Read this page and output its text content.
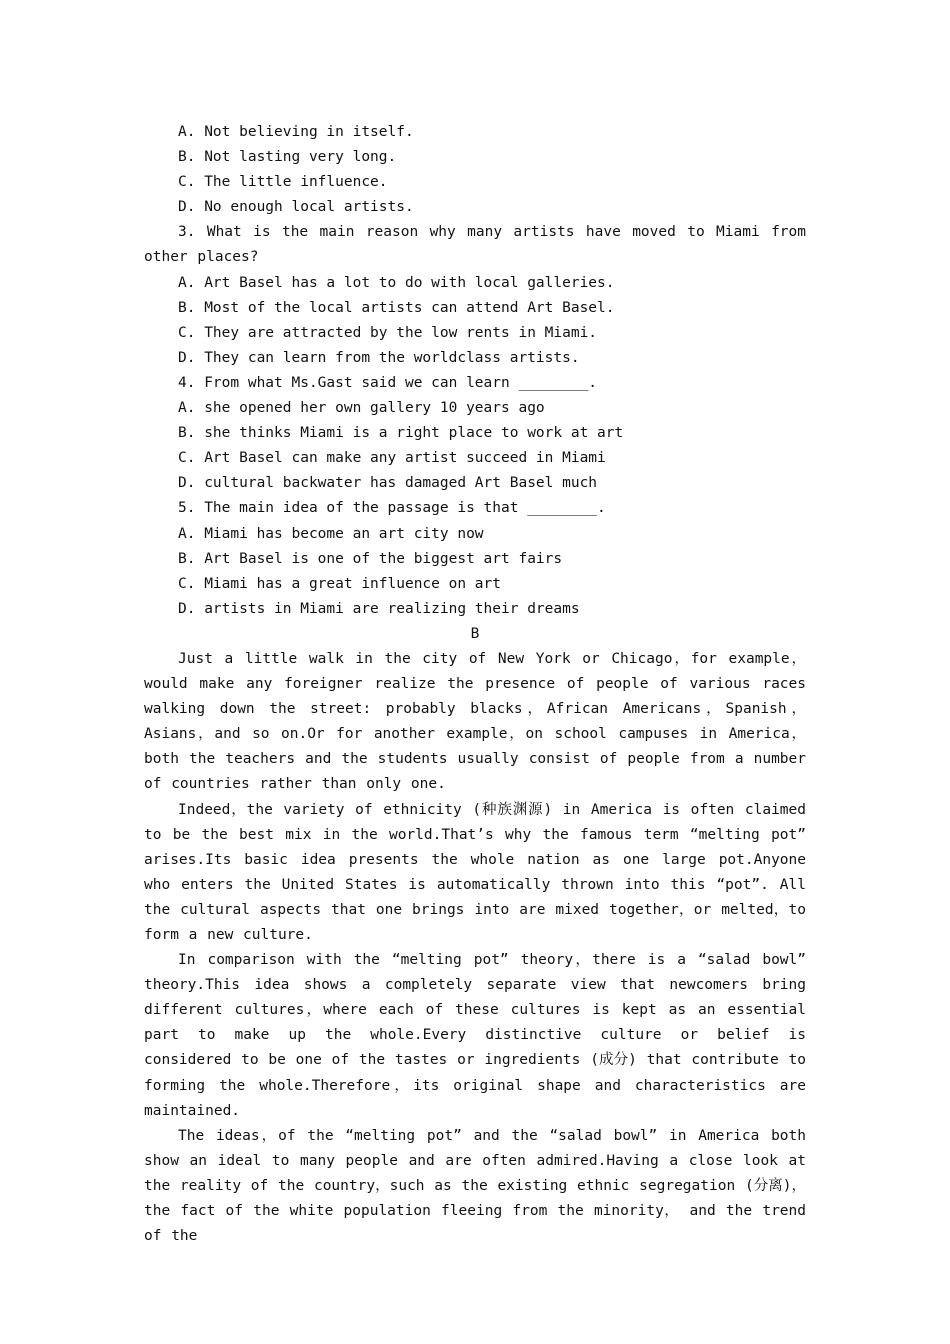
A. Not believing in itself.

B. Not lasting very long.

C. The little influence.

D. No enough local artists.

3. What is the main reason why many artists have moved to Miami from other places?

A. Art Basel has a lot to do with local galleries.

B. Most of the local artists can attend Art Basel.

C. They are attracted by the low rents in Miami.

D. They can learn from the worldclass artists.

4. From what Ms.Gast said we can learn ________.

A. she opened her own gallery 10 years ago

B. she thinks Miami is a right place to work at art

C. Art Basel can make any artist succeed in Miami

D. cultural backwater has damaged Art Basel much

5. The main idea of the passage is that ________.

A. Miami has become an art city now

B. Art Basel is one of the biggest art fairs

C. Miami has a great influence on art

D. artists in Miami are realizing their dreams

B

Just a little walk in the city of New York or Chicago，for example，would make any foreigner realize the presence of people of various races walking down the street: probably blacks，African Americans，Spanish，Asians，and so on.Or for another example，on school campuses in America，both the teachers and the students usually consist of people from a number of countries rather than only one.

Indeed，the variety of ethnicity (种族渊源) in America is often claimed to be the best mix in the world.That’s why the famous term “melting pot” arises.Its basic idea presents the whole nation as one large pot.Anyone who enters the United States is automatically thrown into this “pot”. All the cultural aspects that one brings into are mixed together，or melted，to form a new culture.

In comparison with the “melting pot” theory，there is a “salad bowl” theory.This idea shows a completely separate view that newcomers bring different cultures，where each of these cultures is kept as an essential part to make up the whole.Every distinctive culture or belief is considered to be one of the tastes or ingredients (成分) that contribute to forming the whole.Therefore，its original shape and characteristics are maintained.

The ideas，of the “melting pot” and the “salad bowl” in America both show an ideal to many people and are often admired.Having a close look at the reality of the country，such as the existing ethnic segregation (分离)，the fact of the white population fleeing from the minority， and the trend of the
